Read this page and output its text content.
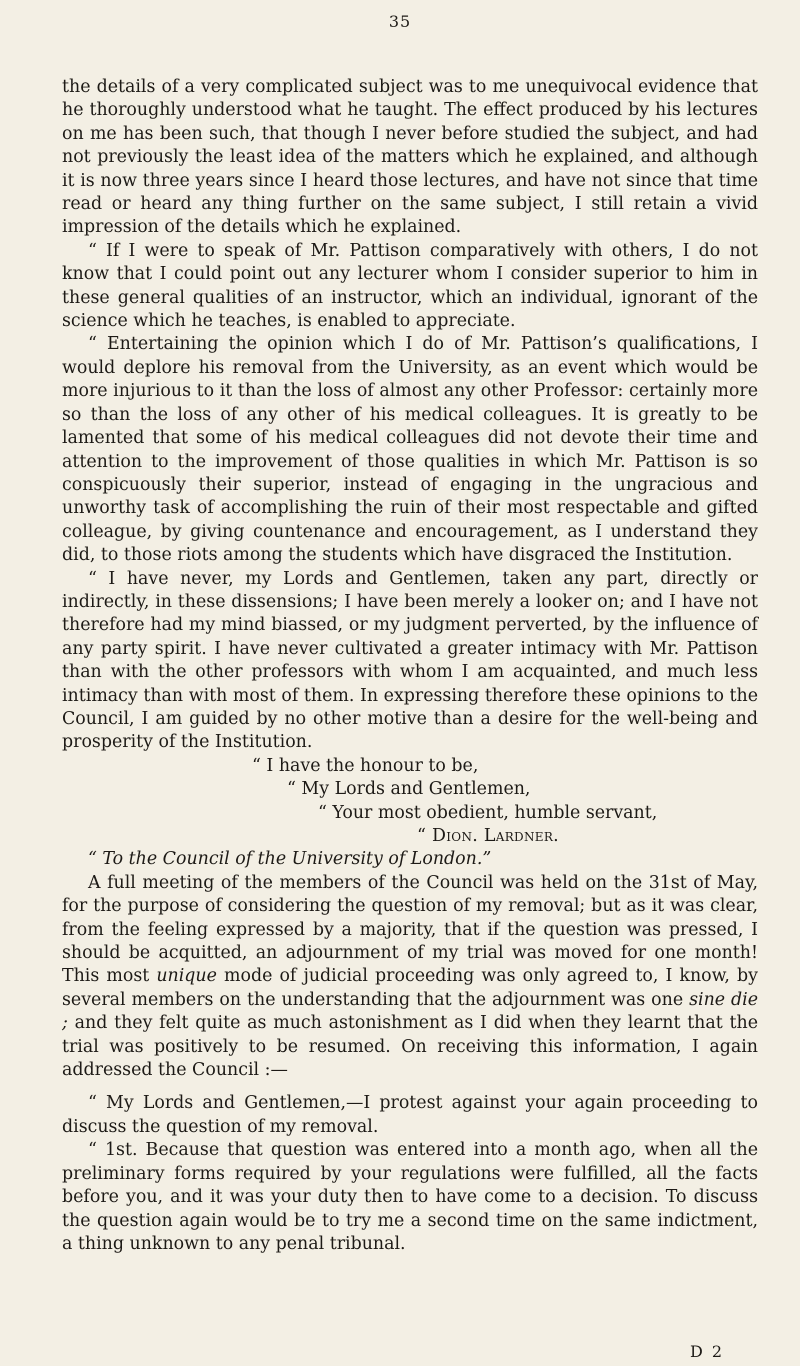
35

the details of a very complicated subject was to me unequivocal evidence that he thoroughly understood what he taught. The effect produced by his lectures on me has been such, that though I never before studied the subject, and had not previously the least idea of the matters which he explained, and although it is now three years since I heard those lectures, and have not since that time read or heard any thing further on the same subject, I still retain a vivid impression of the details which he explained.

“ If I were to speak of Mr. Pattison comparatively with others, I do not know that I could point out any lecturer whom I consider superior to him in these general qualities of an instructor, which an individual, ignorant of the science which he teaches, is enabled to appreciate.

“ Entertaining the opinion which I do of Mr. Pattison’s qualifications, I would deplore his removal from the University, as an event which would be more injurious to it than the loss of almost any other Professor: certainly more so than the loss of any other of his medical colleagues. It is greatly to be lamented that some of his medical colleagues did not devote their time and attention to the improvement of those qualities in which Mr. Pattison is so conspicuously their superior, instead of engaging in the ungracious and unworthy task of accomplishing the ruin of their most respectable and gifted colleague, by giving countenance and encouragement, as I understand they did, to those riots among the students which have disgraced the Institution.

“ I have never, my Lords and Gentlemen, taken any part, directly or indirectly, in these dissensions; I have been merely a looker on; and I have not therefore had my mind biassed, or my judgment perverted, by the influence of any party spirit. I have never cultivated a greater intimacy with Mr. Pattison than with the other professors with whom I am acquainted, and much less intimacy than with most of them. In expressing therefore these opinions to the Council, I am guided by no other motive than a desire for the well-being and prosperity of the Institution.

“ I have the honour to be,
“ My Lords and Gentlemen,
“ Your most obedient, humble servant,
“ Dion. Lardner.

“ To the Council of the University of London.”

A full meeting of the members of the Council was held on the 31st of May, for the purpose of considering the question of my removal; but as it was clear, from the feeling expressed by a majority, that if the question was pressed, I should be acquitted, an adjournment of my trial was moved for one month! This most unique mode of judicial proceeding was only agreed to, I know, by several members on the understanding that the adjournment was one sine die ; and they felt quite as much astonishment as I did when they learnt that the trial was positively to be resumed. On receiving this information, I again addressed the Council :—

“ My Lords and Gentlemen,—I protest against your again proceeding to discuss the question of my removal.

“ 1st. Because that question was entered into a month ago, when all the preliminary forms required by your regulations were fulfilled, all the facts before you, and it was your duty then to have come to a decision. To discuss the question again would be to try me a second time on the same indictment, a thing unknown to any penal tribunal.

D 2
